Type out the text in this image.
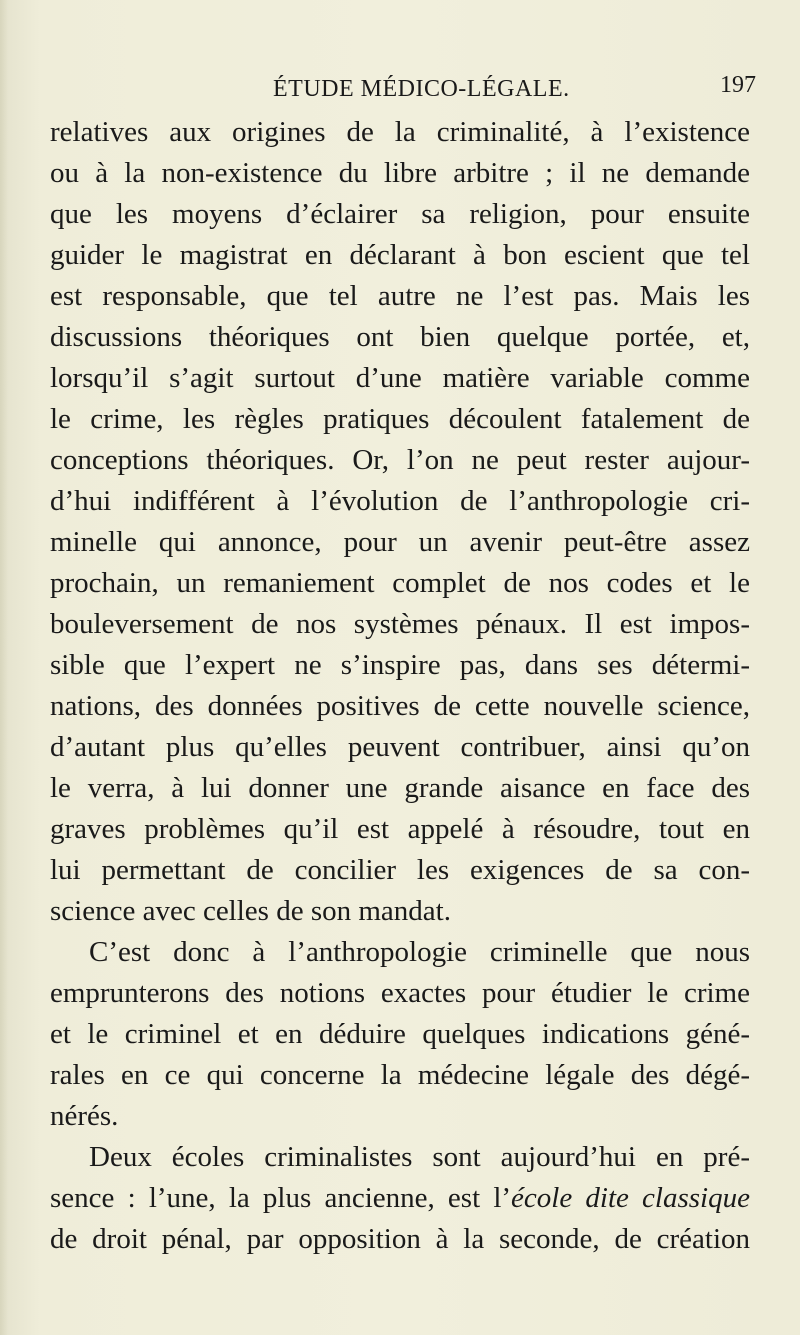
ÉTUDE MÉDICO-LÉGALE.	197
relatives aux origines de la criminalité, à l’existence
ou à la non-existence du libre arbitre ; il ne demande
que les moyens d’éclairer sa religion, pour ensuite
guider le magistrat en déclarant à bon escient que tel
est responsable, que tel autre ne l’est pas. Mais les
discussions théoriques ont bien quelque portée, et,
lorsqu’il s’agit surtout d’une matière variable comme
le crime, les règles pratiques découlent fatalement de
conceptions théoriques. Or, l’on ne peut rester aujour-
d’hui indifférent à l’évolution de l’anthropologie cri-
minelle qui annonce, pour un avenir peut-être assez
prochain, un remaniement complet de nos codes et le
bouleversement de nos systèmes pénaux. Il est impos-
sible que l’expert ne s’inspire pas, dans ses détermi-
nations, des données positives de cette nouvelle science,
d’autant plus qu’elles peuvent contribuer, ainsi qu’on
le verra, à lui donner une grande aisance en face des
graves problèmes qu’il est appelé à résoudre, tout en
lui permettant de concilier les exigences de sa con-
science avec celles de son mandat.
C’est donc à l’anthropologie criminelle que nous
emprunterons des notions exactes pour étudier le crime
et le criminel et en déduire quelques indications géné-
rales en ce qui concerne la médecine légale des dégé-
nérés.
Deux écoles criminalistes sont aujourd’hui en pré-
sence : l’une, la plus ancienne, est l’école dite classique
de droit pénal, par opposition à la seconde, de création
